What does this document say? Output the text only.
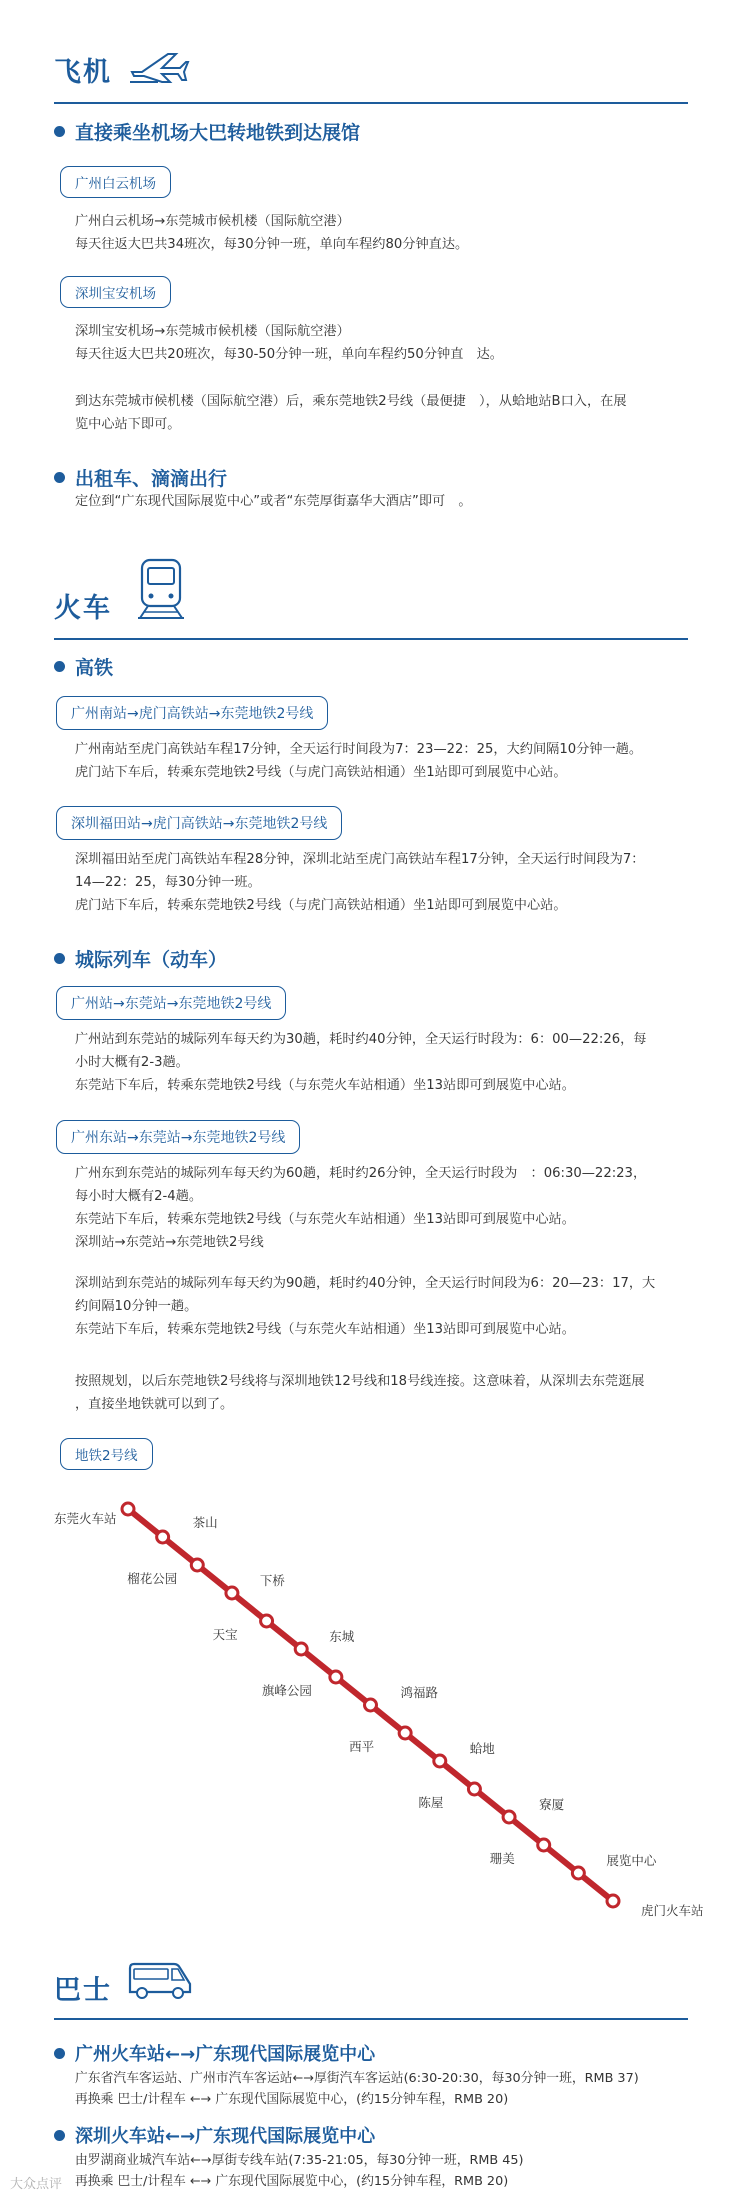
飞机
直接乘坐机场大巴转地铁到达展馆
广州白云机场

广州白云机场→东莞城市候机楼（国际航空港）

每天往返大巴共34班次，每30分钟一班，单向车程约80分钟直达。

深圳宝安机场

深圳宝安机场→东莞城市候机楼（国际航空港）

每天往返大巴共20班次，每30-50分钟一班，单向车程约50分钟直　达。

到达东莞城市候机楼（国际航空港）后，乘东莞地铁2号线（最便捷　），从蛤地站B口入，在展

览中心站下即可。

出租车、滴滴出行

定位到“广东现代国际展览中心”或者“东莞厚街嘉华大酒店”即可　。

火车
高铁
广州南站→虎门高铁站→东莞地铁2号线

广州南站至虎门高铁站车程17分钟，全天运行时间段为7：23—22：25，大约间隔10分钟一趟。

虎门站下车后，转乘东莞地铁2号线（与虎门高铁站相通）坐1站即可到展览中心站。

深圳福田站→虎门高铁站→东莞地铁2号线

深圳福田站至虎门高铁站车程28分钟，深圳北站至虎门高铁站车程17分钟，全天运行时间段为7：

14—22：25，每30分钟一班。

虎门站下车后，转乘东莞地铁2号线（与虎门高铁站相通）坐1站即可到展览中心站。

城际列车（动车）
广州站→东莞站→东莞地铁2号线

广州站到东莞站的城际列车每天约为30趟，耗时约40分钟，全天运行时段为：6：00—22:26，每

小时大概有2-3趟。

东莞站下车后，转乘东莞地铁2号线（与东莞火车站相通）坐13站即可到展览中心站。

广州东站→东莞站→东莞地铁2号线

广州东到东莞站的城际列车每天约为60趟，耗时约26分钟，全天运行时段为　：06:30—22:23，

每小时大概有2-4趟。

东莞站下车后，转乘东莞地铁2号线（与东莞火车站相通）坐13站即可到展览中心站。

深圳站→东莞站→东莞地铁2号线

深圳站到东莞站的城际列车每天约为90趟，耗时约40分钟，全天运行时间段为6：20—23：17，大

约间隔10分钟一趟。

东莞站下车后，转乘东莞地铁2号线（与东莞火车站相通）坐13站即可到展览中心站。

按照规划，以后东莞地铁2号线将与深圳地铁12号线和18号线连接。这意味着，从深圳去东莞逛展

，直接坐地铁就可以到了。

地铁2号线
东莞火车站	茶山
榴花公园	下桥
天宝	东城
旗峰公园	鸿福路
西平	蛤地
陈屋	寮厦
珊美	展览中心
虎门火车站
巴士
广州火车站←→广东现代国际展览中心

广东省汽车客运站、广州市汽车客运站←→厚街汽车客运站(6:30-20:30，每30分钟一班，RMB 37)

再换乘 巴士/计程车 ←→ 广东现代国际展览中心，(约15分钟车程，RMB 20)

深圳火车站←→广东现代国际展览中心

由罗湖商业城汽车站←→厚街专线车站(7:35-21:05，每30分钟一班，RMB 45)

再换乘 巴士/计程车 ←→ 广东现代国际展览中心，(约15分钟车程，RMB 20)

大众点评
